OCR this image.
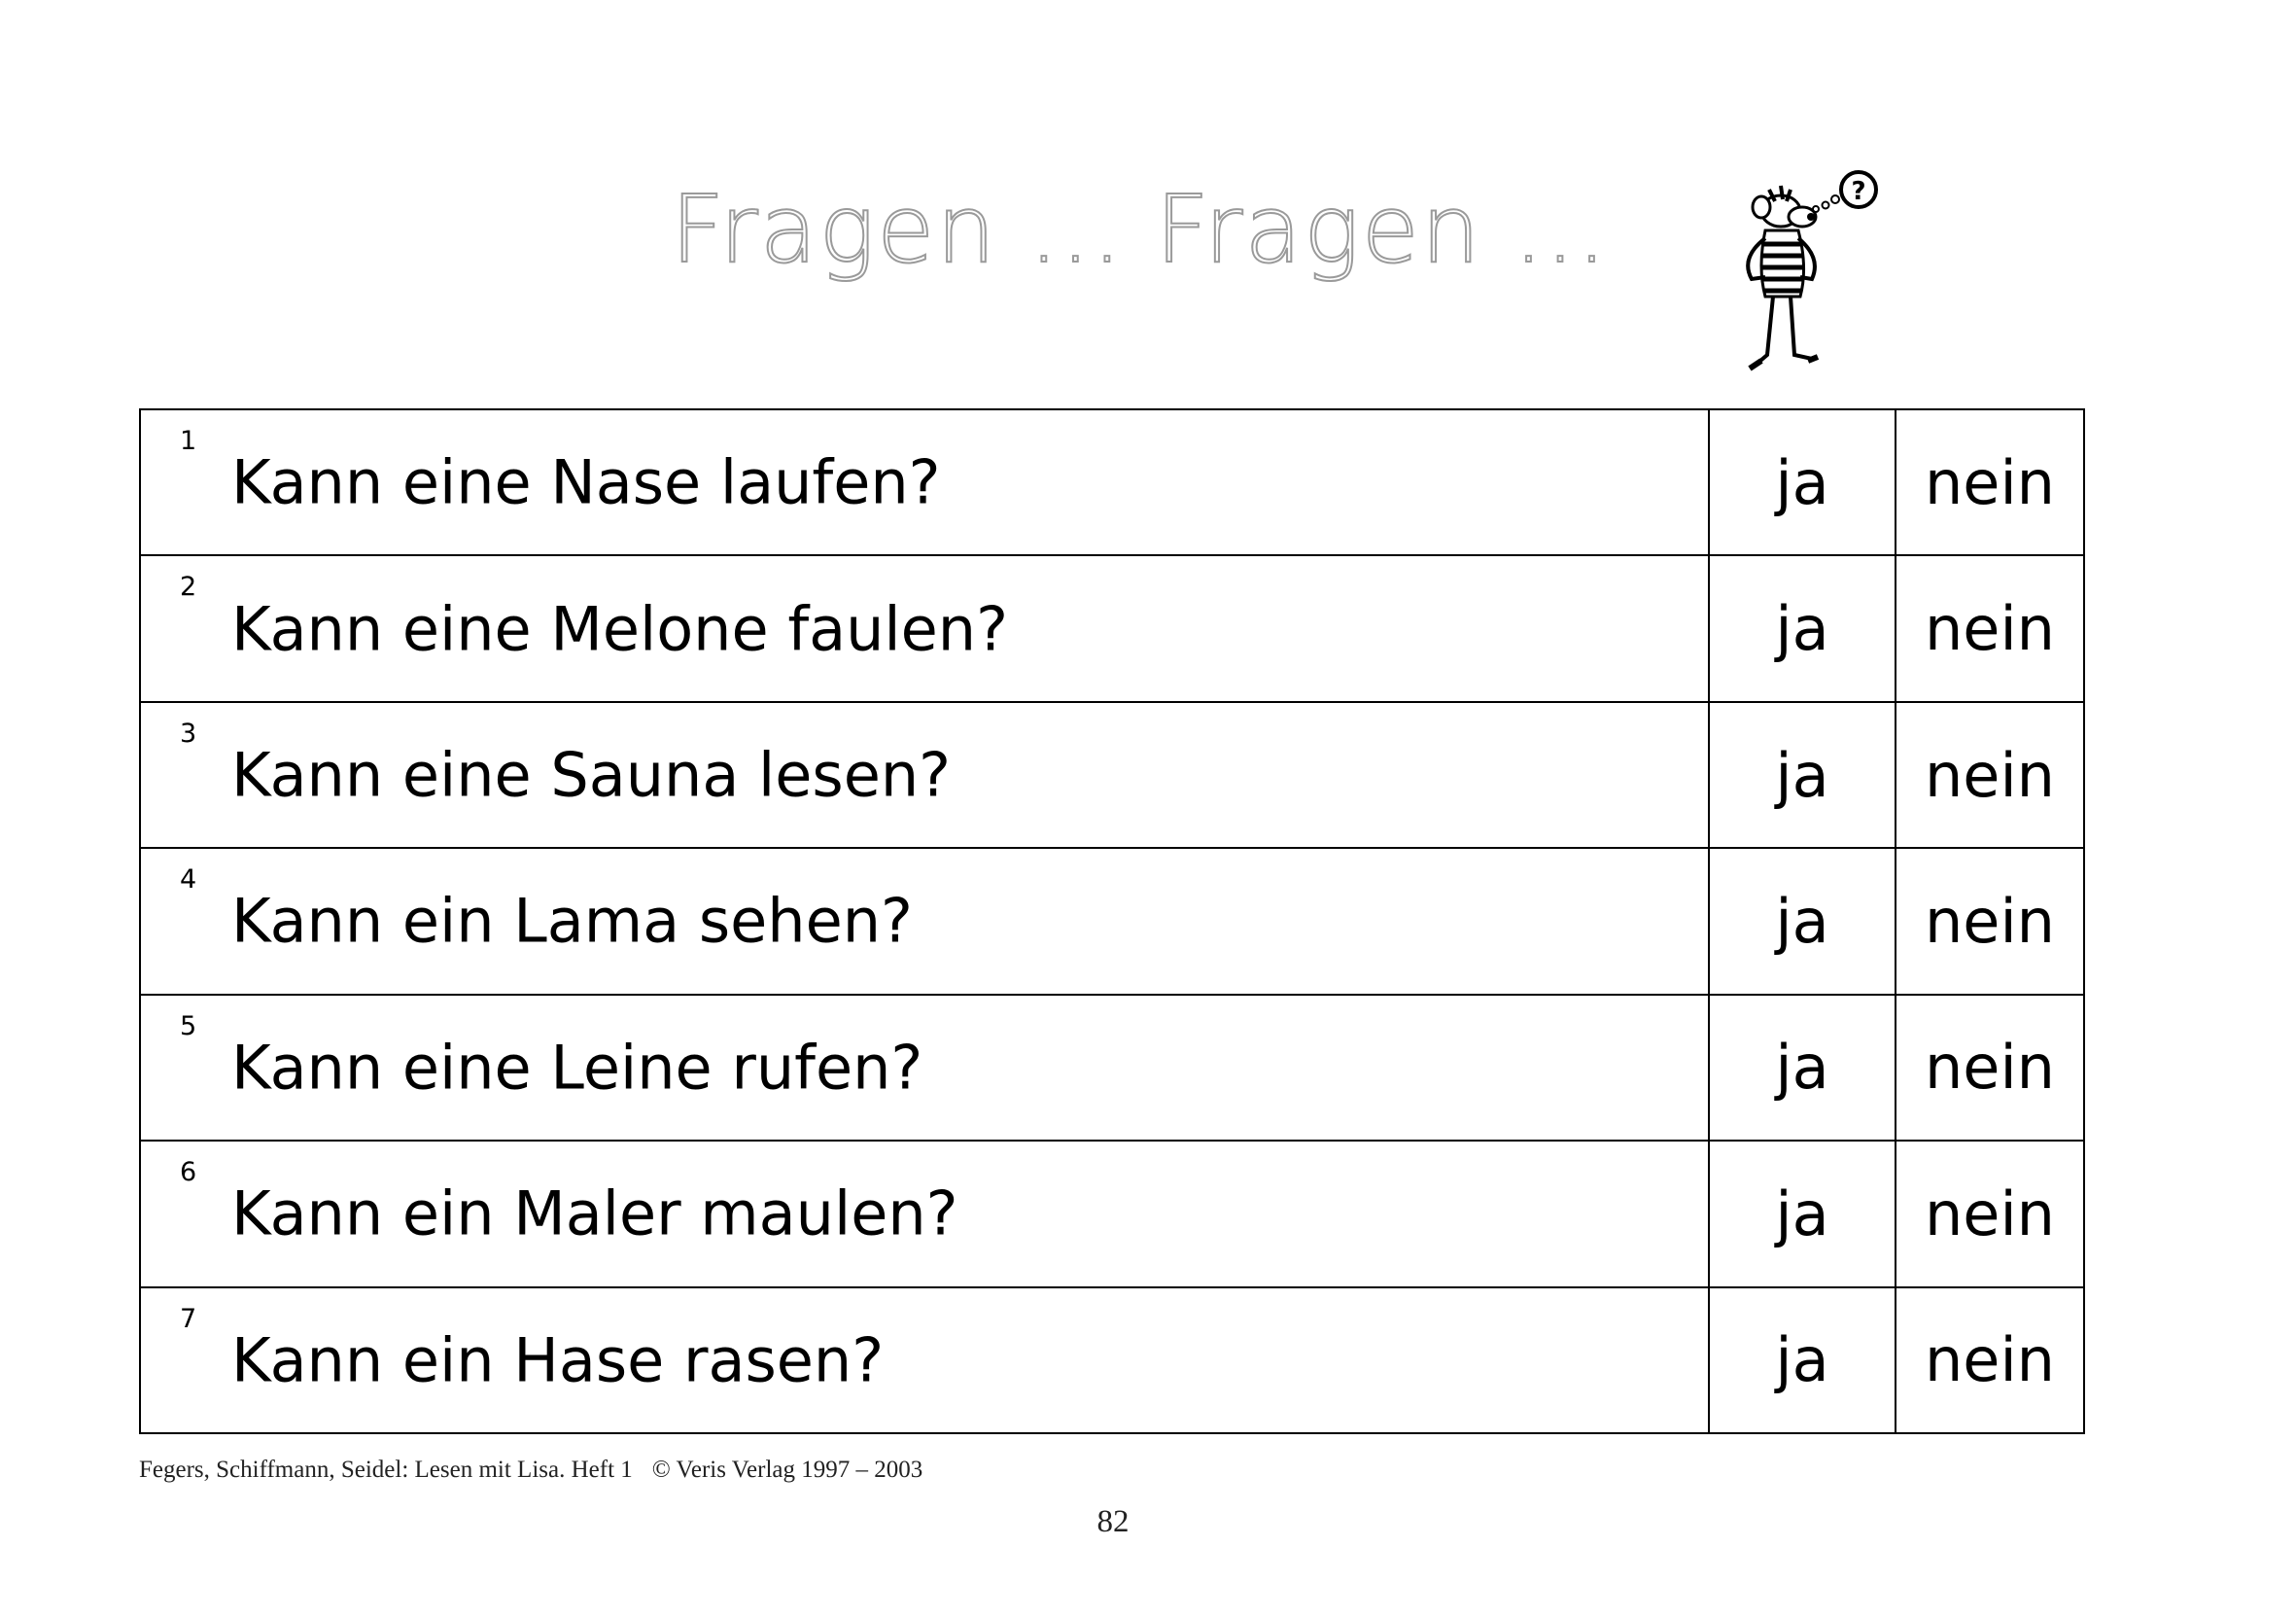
Fragen ... Fragen ...	?
1
Kann eine Nase laufen?	ja	nein

2
Kann eine Melone faulen?	ja	nein

3
Kann eine Sauna lesen?	ja	nein

4
Kann ein Lama sehen?	ja	nein

5
Kann eine Leine rufen?	ja	nein

6
Kann ein Maler maulen?	ja	nein

7
Kann ein Hase rasen?	ja	nein
Fegers, Schiffmann, Seidel: Lesen mit Lisa. Heft 1 © Veris Verlag 1997 – 2003
82
